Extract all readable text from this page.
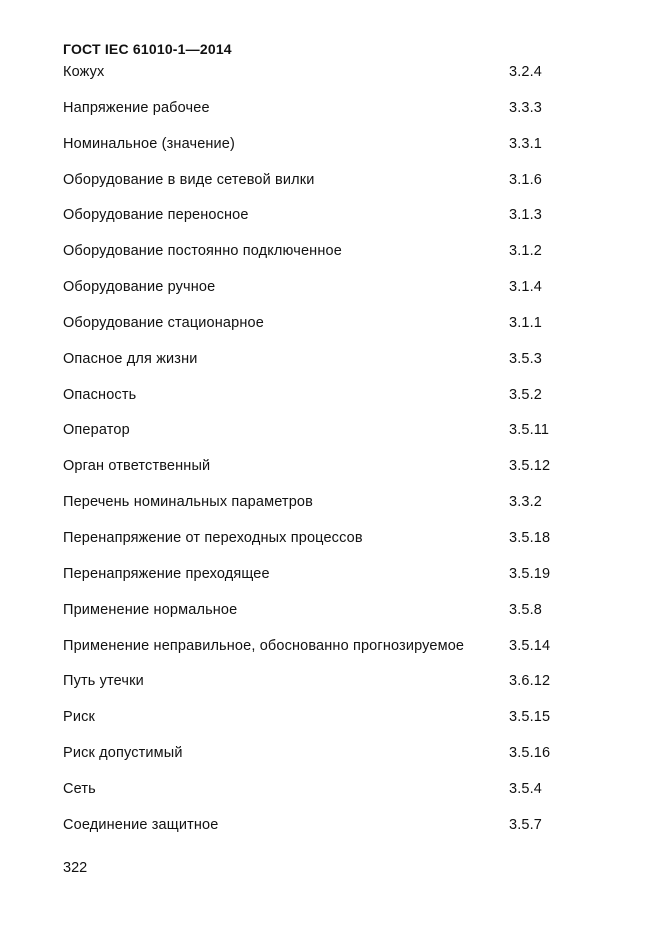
ГОСТ IEC 61010-1—2014
Кожух	3.2.4
Напряжение рабочее	3.3.3
Номинальное (значение)	3.3.1
Оборудование в виде сетевой вилки	3.1.6
Оборудование переносное	3.1.3
Оборудование постоянно подключенное	3.1.2
Оборудование ручное	3.1.4
Оборудование стационарное	3.1.1
Опасное для жизни	3.5.3
Опасность	3.5.2
Оператор	3.5.11
Орган ответственный	3.5.12
Перечень номинальных параметров	3.3.2
Перенапряжение от переходных процессов	3.5.18
Перенапряжение преходящее	3.5.19
Применение нормальное	3.5.8
Применение неправильное, обоснованно прогнозируемое	3.5.14
Путь утечки	3.6.12
Риск	3.5.15
Риск допустимый	3.5.16
Сеть	3.5.4
Соединение защитное	3.5.7
322
